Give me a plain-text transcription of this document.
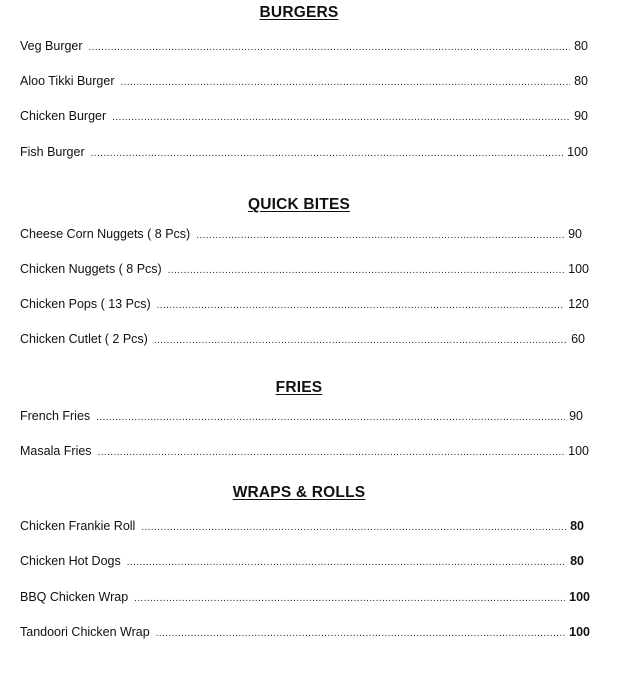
BURGERS
Veg Burger .....	80
Aloo Tikki Burger .....	80
Chicken Burger .....	90
Fish Burger .....	100
QUICK BITES
Cheese Corn Nuggets ( 8 Pcs) .....	90
Chicken Nuggets ( 8 Pcs) .....	100
Chicken Pops ( 13 Pcs) .....	120
Chicken Cutlet ( 2 Pcs) .....	60
FRIES
French Fries .....	90
Masala Fries .....	100
WRAPS & ROLLS
Chicken Frankie Roll .....	80
Chicken Hot Dogs .....	80
BBQ Chicken Wrap .....	100
Tandoori Chicken Wrap .....	100
